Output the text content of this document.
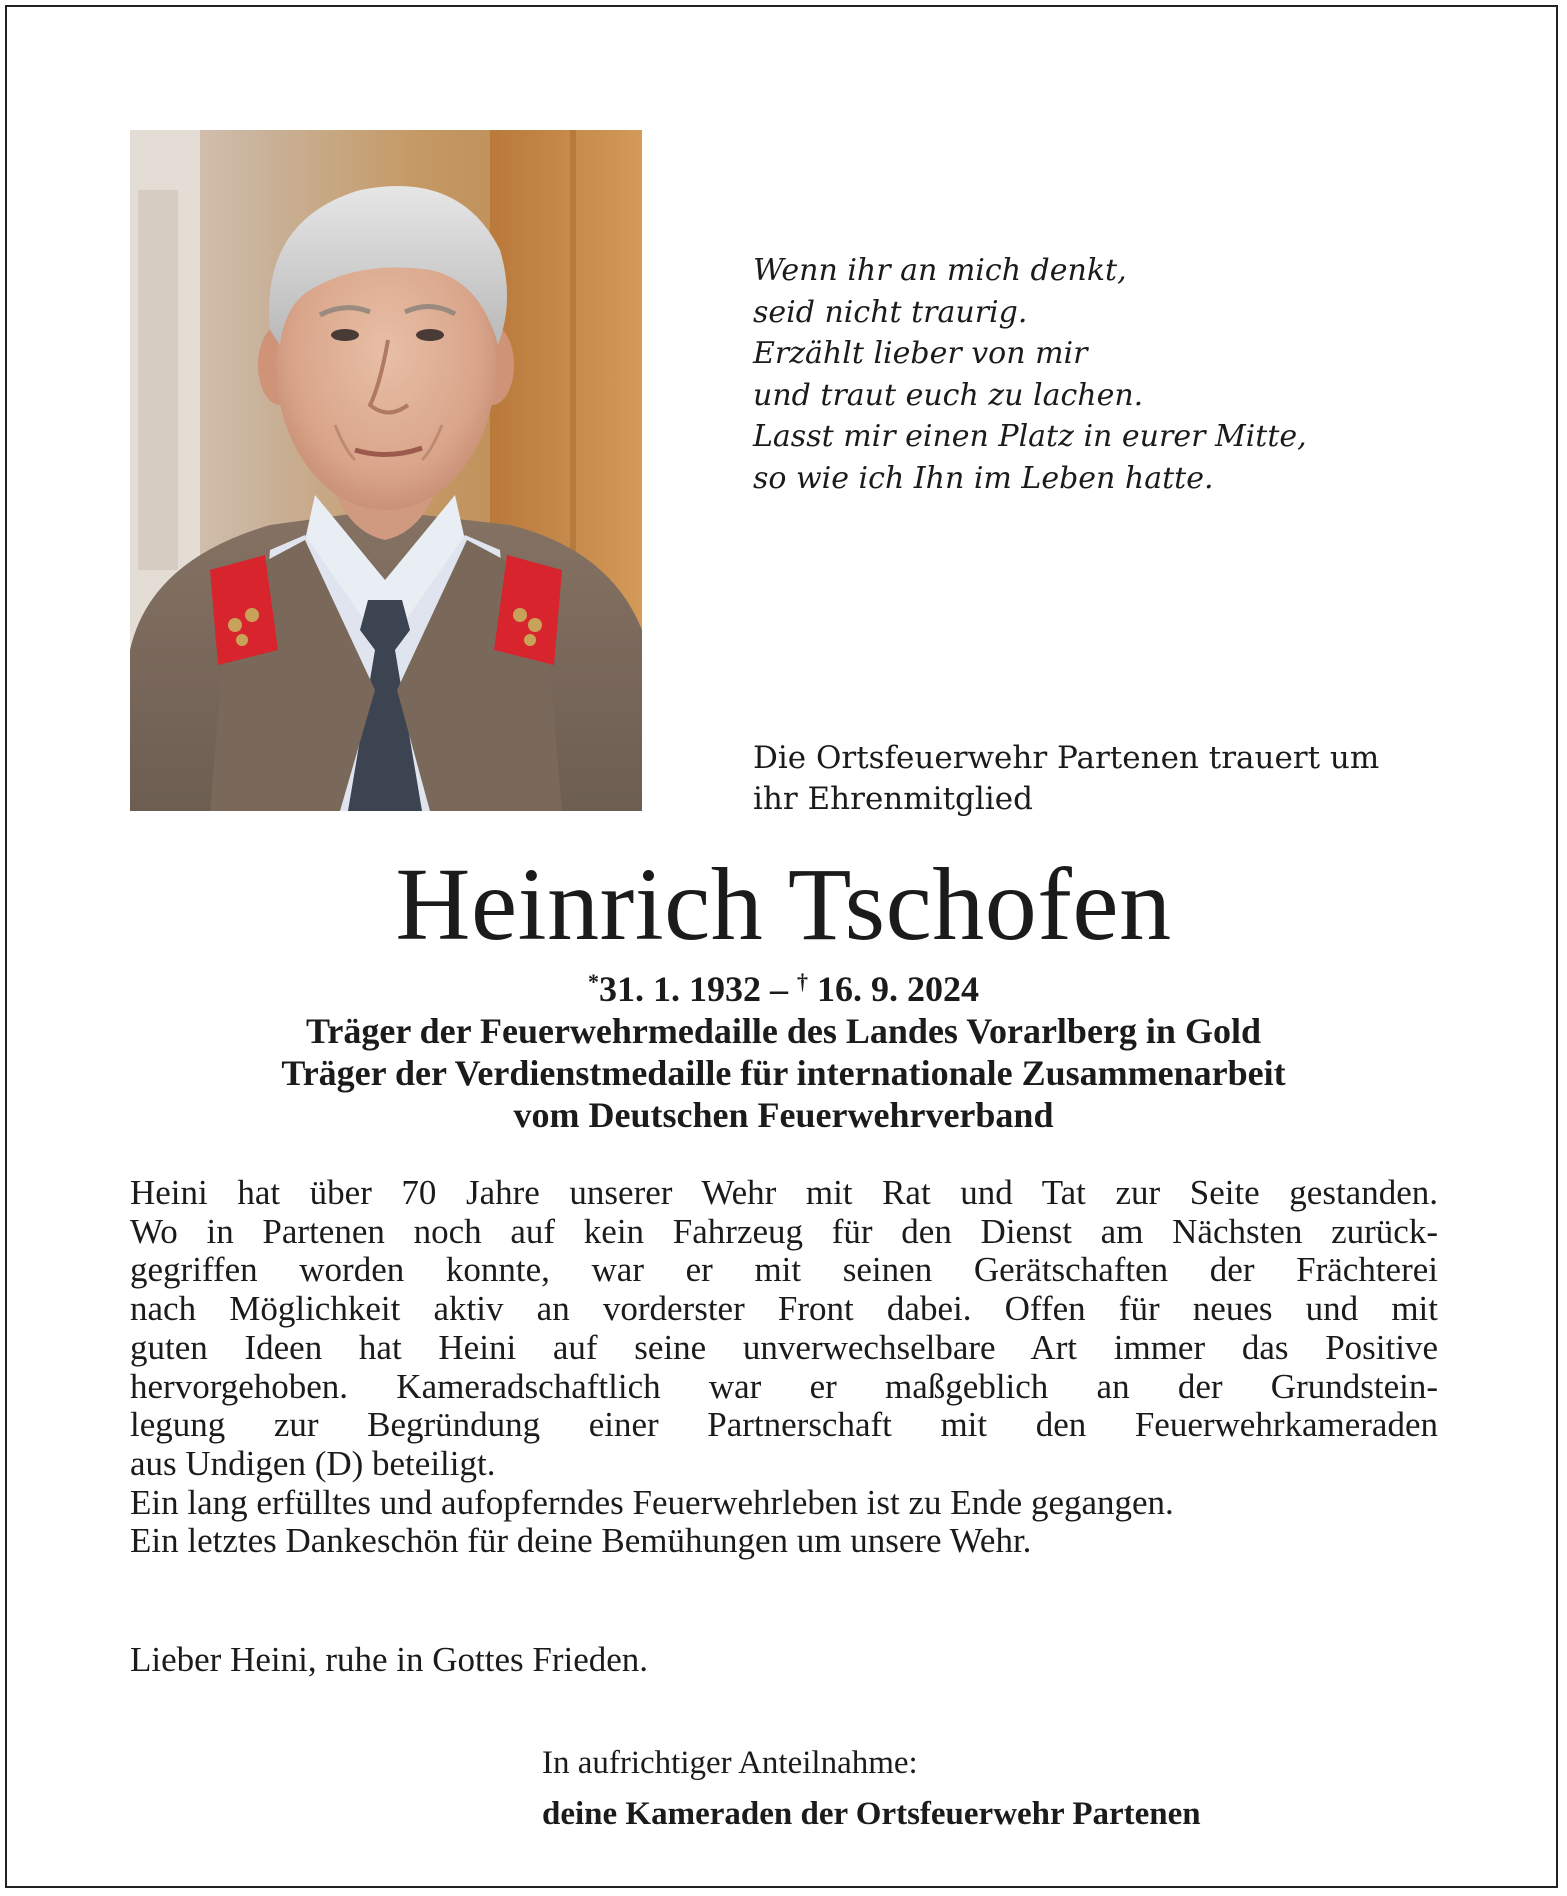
Wenn ihr an mich denkt,
seid nicht traurig.
Erzählt lieber von mir
und traut euch zu lachen.
Lasst mir einen Platz in eurer Mitte,
so wie ich Ihn im Leben hatte.
Die Ortsfeuerwehr Partenen trauert um
ihr Ehrenmitglied
Heinrich Tschofen
*31. 1. 1932 – † 16. 9. 2024
Träger der Feuerwehrmedaille des Landes Vorarlberg in Gold
Träger der Verdienstmedaille für internationale Zusammenarbeit
vom Deutschen Feuerwehrverband
Heini hat über 70 Jahre unserer Wehr mit Rat und Tat zur Seite gestanden.
Wo in Partenen noch auf kein Fahrzeug für den Dienst am Nächsten zurück-
gegriffen worden konnte, war er mit seinen Gerätschaften der Frächterei
nach Möglichkeit aktiv an vorderster Front dabei. Offen für neues und mit
guten Ideen hat Heini auf seine unverwechselbare Art immer das Positive
hervorgehoben. Kameradschaftlich war er maßgeblich an der Grundstein-
legung zur Begründung einer Partnerschaft mit den Feuerwehrkameraden
aus Undigen (D) beteiligt.
Ein lang erfülltes und aufopferndes Feuerwehrleben ist zu Ende gegangen.
Ein letztes Dankeschön für deine Bemühungen um unsere Wehr.
Lieber Heini, ruhe in Gottes Frieden.
In aufrichtiger Anteilnahme:
deine Kameraden der Ortsfeuerwehr Partenen
